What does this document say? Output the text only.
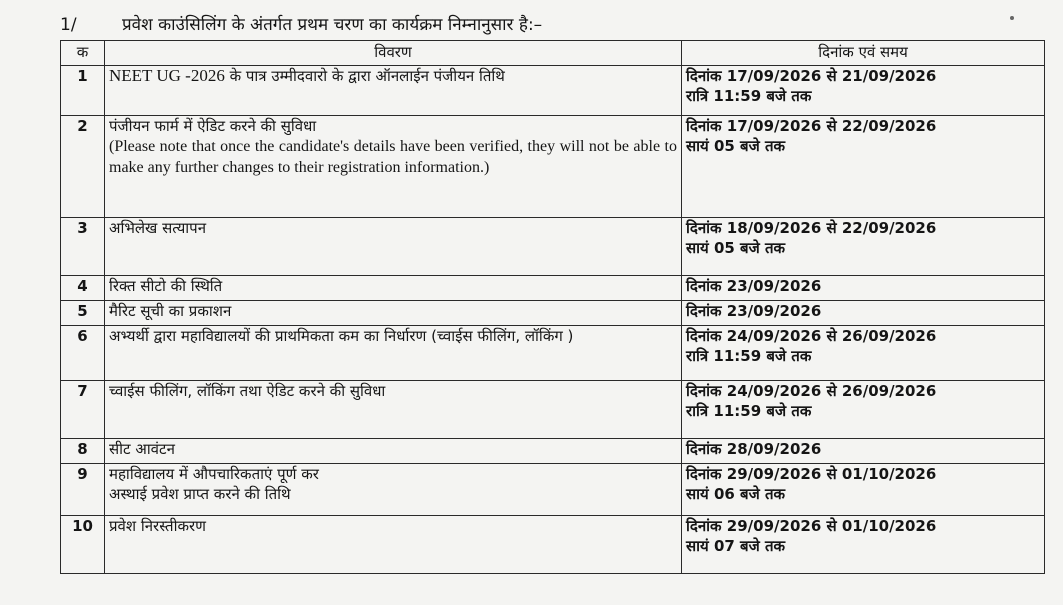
1/	प्रवेश काउंसिलिंग के अंतर्गत प्रथम चरण का कार्यक्रम निम्नानुसार है:–
क	विवरण	दिनांक एवं समय
1	NEET UG -2026 के पात्र उम्मीदवारो के द्वारा ऑनलाईन पंजीयन तिथि	दिनांक 17/09/2026 से 21/09/2026
रात्रि 11:59 बजे तक

2	पंजीयन फार्म में ऐडिट करने की सुविधा
(Please note that once the candidate's details have been verified, they will not be able to make any further changes to their registration information.)	दिनांक 17/09/2026 से 22/09/2026
सायं 05 बजे तक

3	अभिलेख सत्यापन	दिनांक 18/09/2026 से 22/09/2026
सायं 05 बजे तक

4	रिक्त सीटो की स्थिति	दिनांक 23/09/2026

5	मैरिट सूची का प्रकाशन	दिनांक 23/09/2026

6	अभ्यर्थी द्वारा महाविद्यालयों की प्राथमिकता कम का निर्धारण (च्वाईस फीलिंग, लॉकिंग )	दिनांक 24/09/2026 से 26/09/2026
रात्रि 11:59 बजे तक

7	च्वाईस फीलिंग, लॉकिंग तथा ऐडिट करने की सुविधा	दिनांक 24/09/2026 से 26/09/2026
रात्रि 11:59 बजे तक

8	सीट आवंटन	दिनांक 28/09/2026

9	महाविद्यालय में औपचारिकताएं पूर्ण कर
अस्थाई प्रवेश प्राप्त करने की तिथि	दिनांक 29/09/2026 से 01/10/2026
सायं 06 बजे तक

10	प्रवेश निरस्तीकरण	दिनांक 29/09/2026 से 01/10/2026
सायं 07 बजे तक
